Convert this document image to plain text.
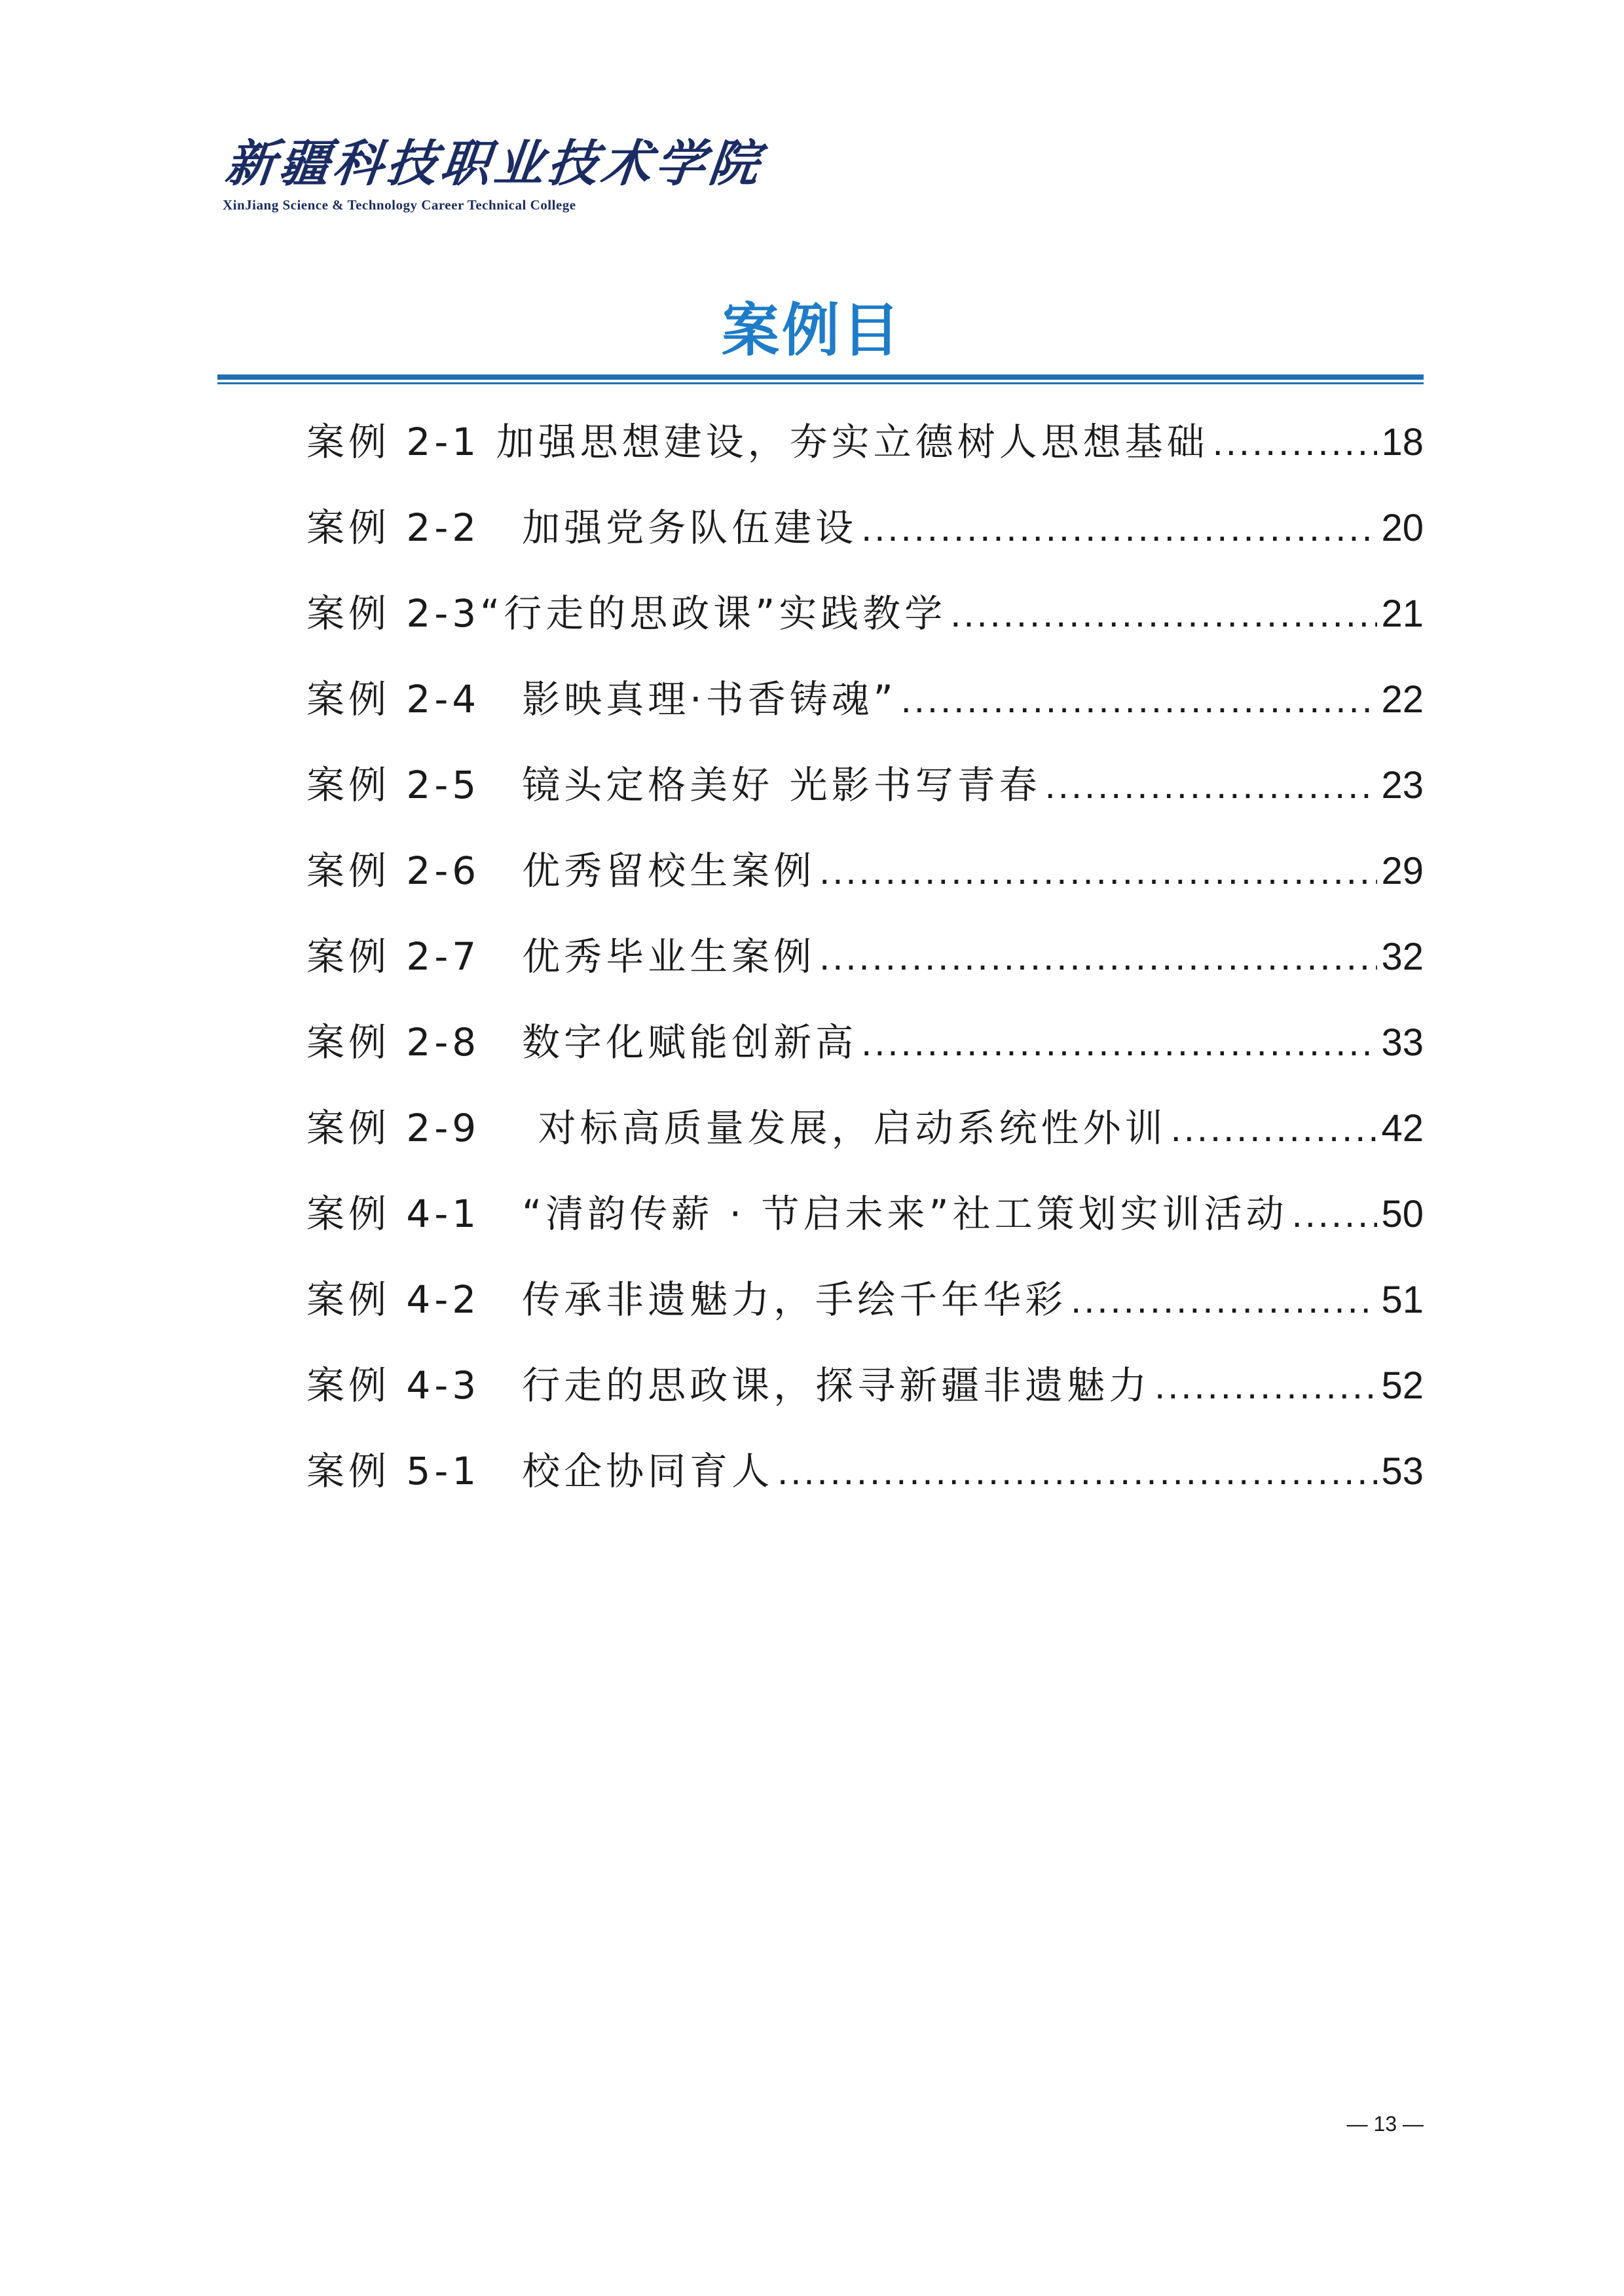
新疆科技职业技术学院
XinJiang Science & Technology Career Technical College
案例目
案例 2-1 加强思想建设，夯实立德树人思想基础 .....	18
案例 2-2　加强党务队伍建设 .....	20
案例 2-3“行走的思政课”实践教学 .....	21
案例 2-4　影映真理·书香铸魂” .....	22
案例 2-5　镜头定格美好 光影书写青春 .....	23
案例 2-6　优秀留校生案例 .....	29
案例 2-7　优秀毕业生案例 .....	32
案例 2-8　数字化赋能创新高 .....	33
案例 2-9　 对标高质量发展，启动系统性外训 .....	42
案例 4-1　“清韵传薪 · 节启未来”社工策划实训活动 ..... 50
案例 4-2　传承非遗魅力，手绘千年华彩 .....	51
案例 4-3　行走的思政课，探寻新疆非遗魅力 .....	52
案例 5-1　校企协同育人 .....	53
— 13 —
